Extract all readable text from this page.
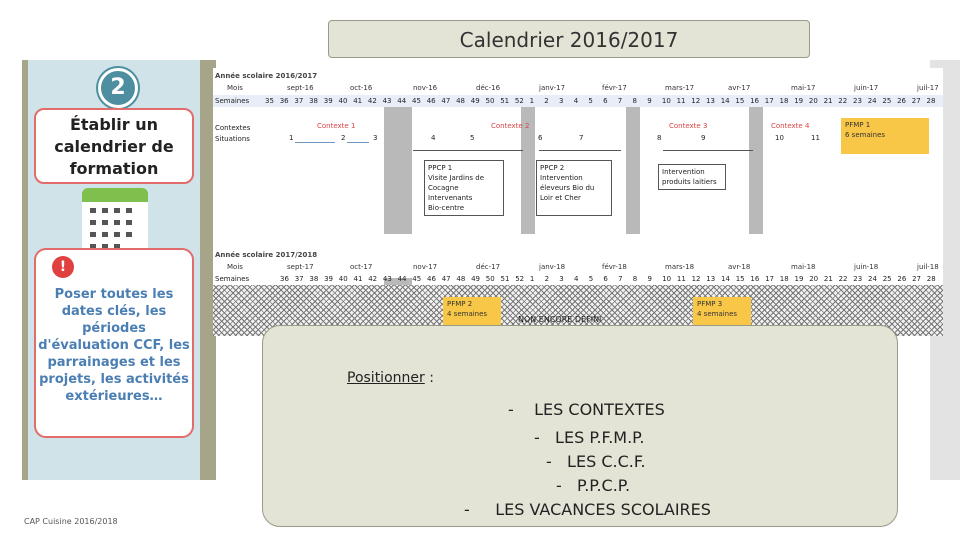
Calendrier 2016/2017
2
Établir un calendrier de formation
Poser toutes les dates clés, les périodes d'évaluation CCF, les parrainages et les projets, les activités extérieures…
!
CAP Cuisine 2016/2018
Année scolaire 2016/2017
Mois	sept-16	oct-16	nov-16	déc-16	janv-17	févr-17	mars-17	avr-17	mai-17	juin-17	juil-17
Semaines 35 36 37 38 39 40 41 42 43 44 45 46 47 48 49 50 51 52 1 2 3 4 5 6 7 8 9 10 11 12 13 14 15 16 17 18 19 20 21 22 23 24 25 26 27 28
Contextes
Situations
Contexte 1	Contexte 2	Contexte 3	Contexte 4
1	2	3	4	5	6	7	8	9	10	11
PPCP 1
Visite Jardins de Cocagne
Intervenants
Bio-centre
PPCP 2
Intervention éleveurs Bio du Loir et Cher
Intervention produits laitiers
PFMP 1
6 semaines
Année scolaire 2017/2018
Mois	sept-17	oct-17	nov-17	déc-17	janv-18	févr-18	mars-18	avr-18	mai-18	juin-18	juil-18
Semaines	36 37 38 39 40 41 42 43 44 45 46 47 48 49 50 51 52 1 2 3 4 5 6 7 8 9 10 11 12 13 14 15 16 17 18 19 20 21 22 23 24 25 26 27 28
PFMP 2
4 semaines
PFMP 3
4 semaines
NON ENCORE DÉFINI
Positionner :
- LES CONTEXTES
- LES P.F.M.P.
- LES C.C.F.
- P.P.C.P.
- LES VACANCES SCOLAIRES
